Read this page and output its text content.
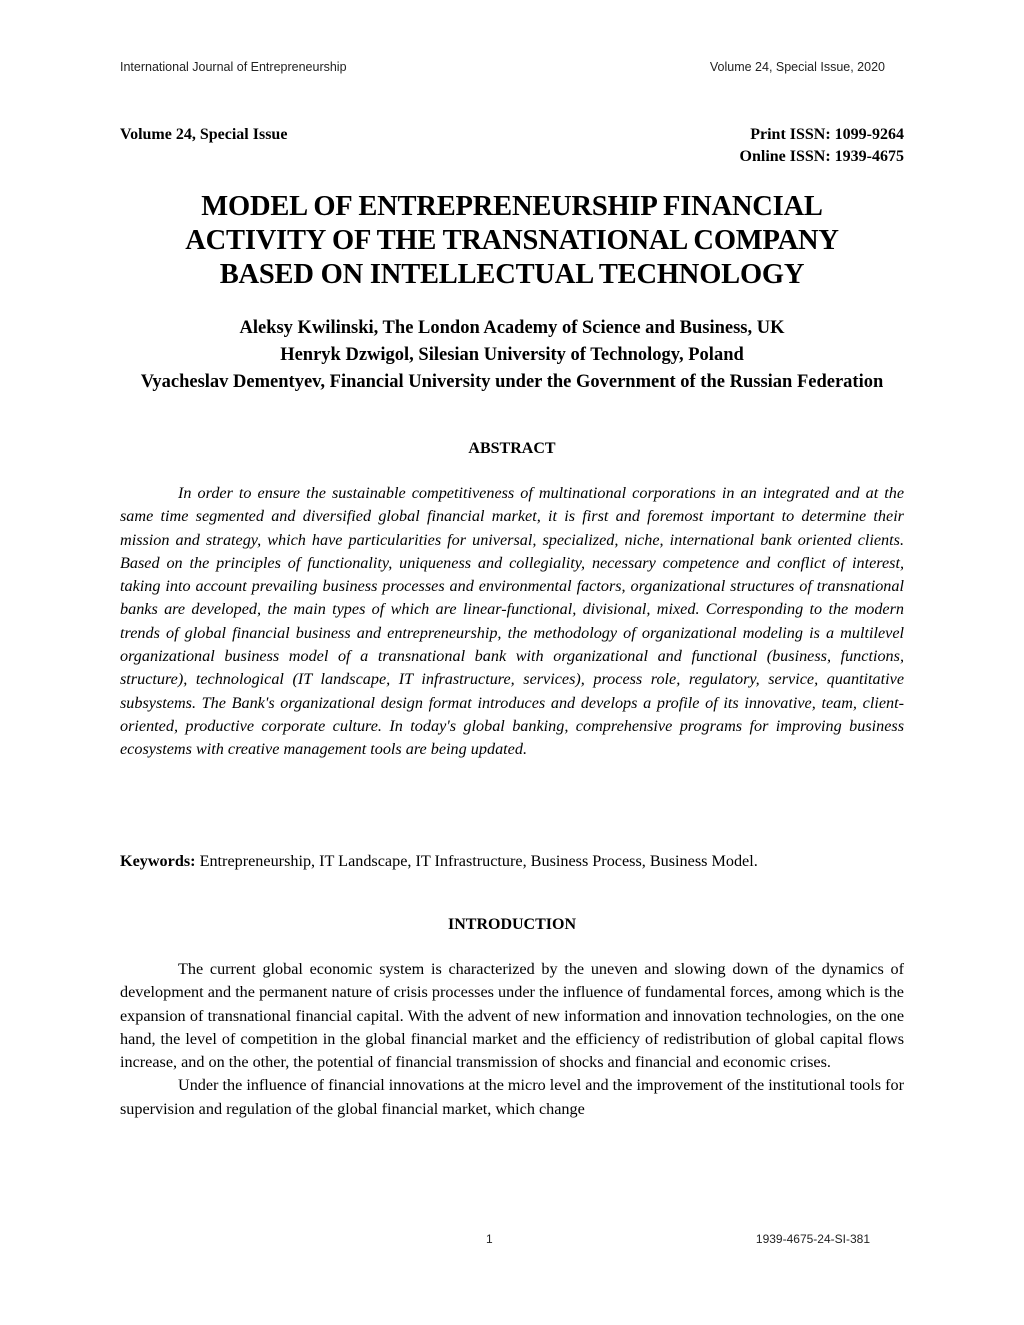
International Journal of Entrepreneurship	Volume 24, Special Issue, 2020
Volume 24, Special Issue	Print ISSN: 1099-9264
Online ISSN: 1939-4675
MODEL OF ENTREPRENEURSHIP FINANCIAL
ACTIVITY OF THE TRANSNATIONAL COMPANY
BASED ON INTELLECTUAL TECHNOLOGY
Aleksy Kwilinski, The London Academy of Science and Business, UK
Henryk Dzwigol, Silesian University of Technology, Poland
Vyacheslav Dementyev, Financial University under the Government of the Russian Federation
ABSTRACT

In order to ensure the sustainable competitiveness of multinational corporations in an integrated and at the same time segmented and diversified global financial market, it is first and foremost important to determine their mission and strategy, which have particularities for universal, specialized, niche, international bank oriented clients. Based on the principles of functionality, uniqueness and collegiality, necessary competence and conflict of interest, taking into account prevailing business processes and environmental factors, organizational structures of transnational banks are developed, the main types of which are linear-functional, divisional, mixed. Corresponding to the modern trends of global financial business and entrepreneurship, the methodology of organizational modeling is a multilevel organizational business model of a transnational bank with organizational and functional (business, functions, structure), technological (IT landscape, IT infrastructure, services), process role, regulatory, service, quantitative subsystems. The Bank's organizational design format introduces and develops a profile of its innovative, team, client-oriented, productive corporate culture. In today's global banking, comprehensive programs for improving business ecosystems with creative management tools are being updated.

Keywords: Entrepreneurship, IT Landscape, IT Infrastructure, Business Process, Business Model.

INTRODUCTION

The current global economic system is characterized by the uneven and slowing down of the dynamics of development and the permanent nature of crisis processes under the influence of fundamental forces, among which is the expansion of transnational financial capital. With the advent of new information and innovation technologies, on the one hand, the level of competition in the global financial market and the efficiency of redistribution of global capital flows increase, and on the other, the potential of financial transmission of shocks and financial and economic crises.

Under the influence of financial innovations at the micro level and the improvement of the institutional tools for supervision and regulation of the global financial market, which change

1	1939-4675-24-SI-381
